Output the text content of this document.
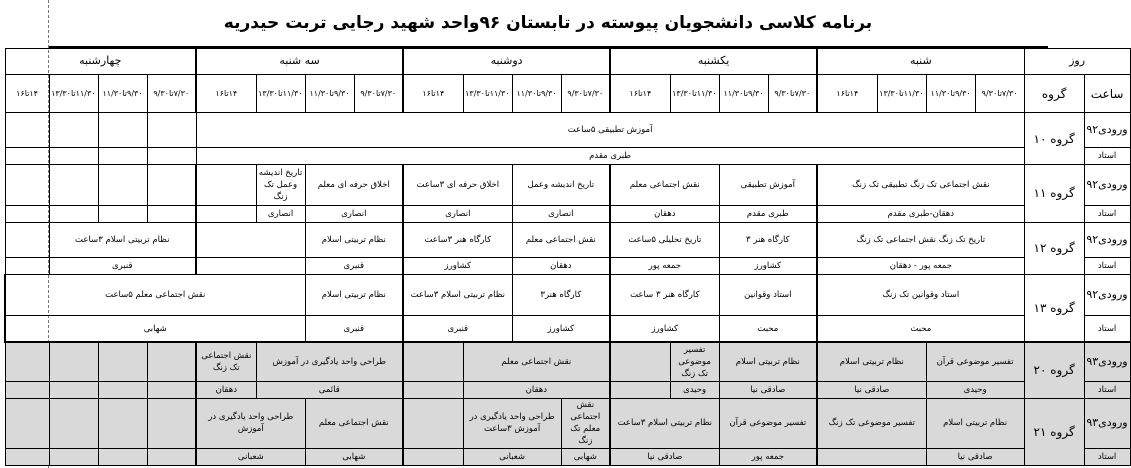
برنامه کلاسی دانشجویان پیوسته در تابستان ۹۶واحد شهید رجایی تربت حیدریه
روز		شنبه				یکشنبه				دوشنبه				سه شنبه				چهارشنبه			
ساعت	گروه	۷/۳۰تا۹/۳۰	۹/۳۰تا۱۱/۳۰	۱۱/۳۰تا۱۳/۳۰	۱۴تا۱۶	۷/۳۰تا۹/۳۰	۹/۳۰تا۱۱/۳۰	۱۱/۳۰تا۱۳/۳۰	۱۴تا۱۶	۷/۳۰تا۹/۳۰	۹/۳۰تا۱۱/۳۰	۱۱/۳۰تا۱۳/۳۰	۱۴تا۱۶	۷/۳۰تا۹/۳۰	۹/۳۰تا۱۱/۳۰	۱۱/۳۰تا۱۳/۳۰	۱۴تا۱۶	۷/۳۰تا۹/۳۰	۹/۳۰تا۱۱/۳۰	۱۱/۳۰تا۱۳/۳۰	۱۴تا۱۶
ورودی۹۲	گروه ۱۰	آموزش تطبیقی ۵ساعت																			
استاد		طبری مقدم																			
ورودی۹۲	گروه ۱۱	نقش اجتماعی تک زنگ تطبیقی تک زنگ				آموزش تطبیقی		نقش اجتماعی معلم		تاریخ اندیشه وعمل		اخلاق حرفه ای ۳ساعت		اخلاق حرفه ای معلم		تاریخ اندیشه وعمل تک زنگ					
استاد		دهقان-طبری مقدم				طبری مقدم		دهقان		انصاری		انصاری		انصاری		انصاری					
ورودی۹۲	گروه ۱۲	تاریخ تک زنگ نقش اجتماعی تک زنگ				کارگاه هنر ۳		تاریخ تحلیلی ۵ساعت		نقش اجتماعی معلم		کارگاه هنر ۳ساعت		نظام تربیتی اسلام				نظام تربیتی اسلام ۳ساعت			
استاد		جمعه پور - دهقان				کشاورز		جمعه پور		دهقان		کشاورز		قنبری				قنبری			
ورودی۹۲	گروه ۱۳	استاد وقوانین تک زنگ				استاد وقوانین		کارگاه هنر ۳ ساعت		کارگاه هنر۳		نظام تربیتی اسلام ۳ساعت		نظام تربیتی اسلام		نقش اجتماعی معلم ۵ساعت					
استاد		محبت				محبت		کشاورز		کشاورز		قنبری		قنبری		شهابی					
ورودی۹۳	گروه ۲۰	تفسیر موضوعی قرآن		نظام تربیتی اسلام		نظام تربیتی اسلام		تفسیر موضوعی تک زنگ		نقش اجتماعی معلم				طراحی واحد یادگیری در آموزش			نقش اجتماعی تک زنگ				
استاد		وحیدی		صادقی نیا		صادقی نیا		وحیدی		دهقان				قائمی			دهقان				
ورودی۹۳	گروه ۲۱	نظام تربیتی اسلام		تفسیر موضوعی تک زنگ		تفسیر موضوعی قرآن		نظام تربیتی اسلام ۳ساعت		نقش اجتماعی معلم تک زنگ	طراحی واحد یادگیری در آموزش ۳ساعت			نقش اجتماعی معلم		طراحی واحد یادگیری در آموزش					
استاد		صادقی نیا				جمعه پور		صادقی نیا		شهابی	شعبانی			شهابی		شعبانی					
